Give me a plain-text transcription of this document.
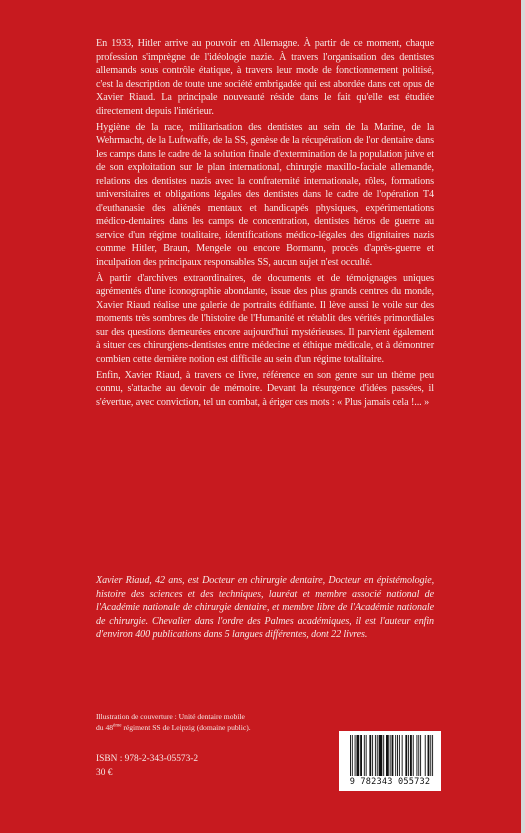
En 1933, Hitler arrive au pouvoir en Allemagne. À partir de ce moment, chaque profession s'imprègne de l'idéologie nazie. À travers l'organisation des dentistes allemands sous contrôle étatique, à travers leur mode de fonctionnement politisé, c'est la description de toute une société embrigadée qui est abordée dans cet opus de Xavier Riaud. La principale nouveauté réside dans le fait qu'elle est étudiée directement depuis l'intérieur.

Hygiène de la race, militarisation des dentistes au sein de la Marine, de la Wehrmacht, de la Luftwaffe, de la SS, genèse de la récupération de l'or dentaire dans les camps dans le cadre de la solution finale d'extermination de la population juive et de son exploitation sur le plan international, chirurgie maxillo-faciale allemande, relations des dentistes nazis avec la confraternité internationale, rôles, formations universitaires et obligations légales des dentistes dans le cadre de l'opération T4 d'euthanasie des aliénés mentaux et handicapés physiques, expérimentations médico-dentaires dans les camps de concentration, dentistes héros de guerre au service d'un régime totalitaire, identifications médico-légales des dignitaires nazis comme Hitler, Braun, Mengele ou encore Bormann, procès d'après-guerre et inculpation des principaux responsables SS, aucun sujet n'est occulté.

À partir d'archives extraordinaires, de documents et de témoignages uniques agrémentés d'une iconographie abondante, issue des plus grands centres du monde, Xavier Riaud réalise une galerie de portraits édifiante. Il lève aussi le voile sur des moments très sombres de l'histoire de l'Humanité et rétablit des vérités primordiales sur des questions demeurées encore aujourd'hui mystérieuses. Il parvient également à situer ces chirurgiens-dentistes entre médecine et éthique médicale, et à démontrer combien cette dernière notion est difficile au sein d'un régime totalitaire.

Enfin, Xavier Riaud, à travers ce livre, référence en son genre sur un thème peu connu, s'attache au devoir de mémoire. Devant la résurgence d'idées passées, il s'évertue, avec conviction, tel un combat, à ériger ces mots : « Plus jamais cela !... »

Xavier Riaud, 42 ans, est Docteur en chirurgie dentaire, Docteur en épistémologie, histoire des sciences et des techniques, lauréat et membre associé national de l'Académie nationale de chirurgie dentaire, et membre libre de l'Académie nationale de chirurgie. Chevalier dans l'ordre des Palmes académiques, il est l'auteur enfin d'environ 400 publications dans 5 langues différentes, dont 22 livres.
Illustration de couverture : Unité dentaire mobile
du 48ème régiment SS de Leipzig (domaine public).
ISBN : 978-2-343-05573-2
30 €
9 782343 055732
